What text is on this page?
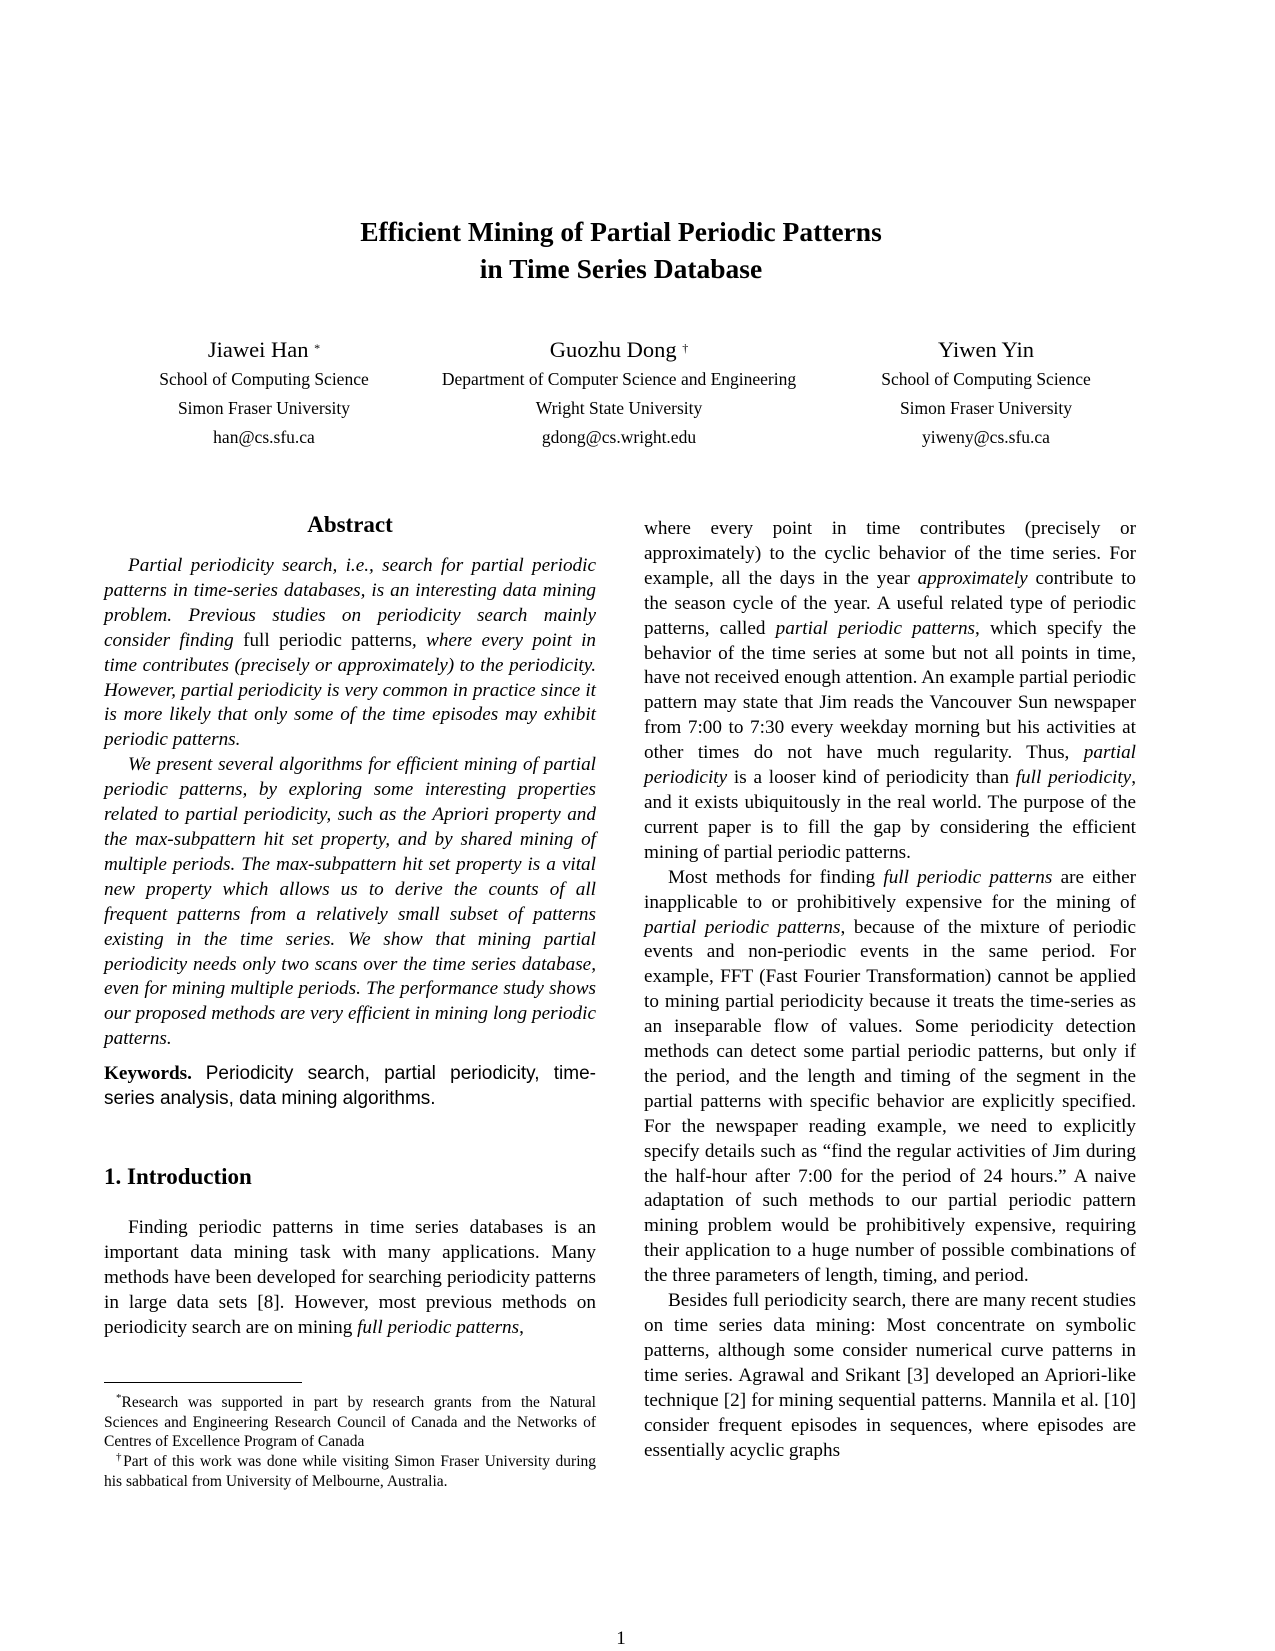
Efficient Mining of Partial Periodic Patterns
in Time Series Database
Jiawei Han *
School of Computing Science
Simon Fraser University
han@cs.sfu.ca
Guozhu Dong †
Department of Computer Science and Engineering
Wright State University
gdong@cs.wright.edu
Yiwen Yin
School of Computing Science
Simon Fraser University
yiweny@cs.sfu.ca
Abstract

Partial periodicity search, i.e., search for partial periodic patterns in time-series databases, is an interesting data mining problem. Previous studies on periodicity search mainly consider finding full periodic patterns, where every point in time contributes (precisely or approximately) to the periodicity. However, partial periodicity is very common in practice since it is more likely that only some of the time episodes may exhibit periodic patterns.

We present several algorithms for efficient mining of partial periodic patterns, by exploring some interesting properties related to partial periodicity, such as the Apriori property and the max-subpattern hit set property, and by shared mining of multiple periods. The max-subpattern hit set property is a vital new property which allows us to derive the counts of all frequent patterns from a relatively small subset of patterns existing in the time series. We show that mining partial periodicity needs only two scans over the time series database, even for mining multiple periods. The performance study shows our proposed methods are very efficient in mining long periodic patterns.

Keywords. Periodicity search, partial periodicity, time-series analysis, data mining algorithms.

1. Introduction

Finding periodic patterns in time series databases is an important data mining task with many applications. Many methods have been developed for searching periodicity patterns in large data sets [8]. However, most previous methods on periodicity search are on mining full periodic patterns,

*Research was supported in part by research grants from the Natural Sciences and Engineering Research Council of Canada and the Networks of Centres of Excellence Program of Canada
†Part of this work was done while visiting Simon Fraser University during his sabbatical from University of Melbourne, Australia.

where every point in time contributes (precisely or approximately) to the cyclic behavior of the time series. For example, all the days in the year approximately contribute to the season cycle of the year. A useful related type of periodic patterns, called partial periodic patterns, which specify the behavior of the time series at some but not all points in time, have not received enough attention. An example partial periodic pattern may state that Jim reads the Vancouver Sun newspaper from 7:00 to 7:30 every weekday morning but his activities at other times do not have much regularity. Thus, partial periodicity is a looser kind of periodicity than full periodicity, and it exists ubiquitously in the real world. The purpose of the current paper is to fill the gap by considering the efficient mining of partial periodic patterns.

Most methods for finding full periodic patterns are either inapplicable to or prohibitively expensive for the mining of partial periodic patterns, because of the mixture of periodic events and non-periodic events in the same period. For example, FFT (Fast Fourier Transformation) cannot be applied to mining partial periodicity because it treats the time-series as an inseparable flow of values. Some periodicity detection methods can detect some partial periodic patterns, but only if the period, and the length and timing of the segment in the partial patterns with specific behavior are explicitly specified. For the newspaper reading example, we need to explicitly specify details such as “find the regular activities of Jim during the half-hour after 7:00 for the period of 24 hours.” A naive adaptation of such methods to our partial periodic pattern mining problem would be prohibitively expensive, requiring their application to a huge number of possible combinations of the three parameters of length, timing, and period.

Besides full periodicity search, there are many recent studies on time series data mining: Most concentrate on symbolic patterns, although some consider numerical curve patterns in time series. Agrawal and Srikant [3] developed an Apriori-like technique [2] for mining sequential patterns. Mannila et al. [10] consider frequent episodes in sequences, where episodes are essentially acyclic graphs

1
